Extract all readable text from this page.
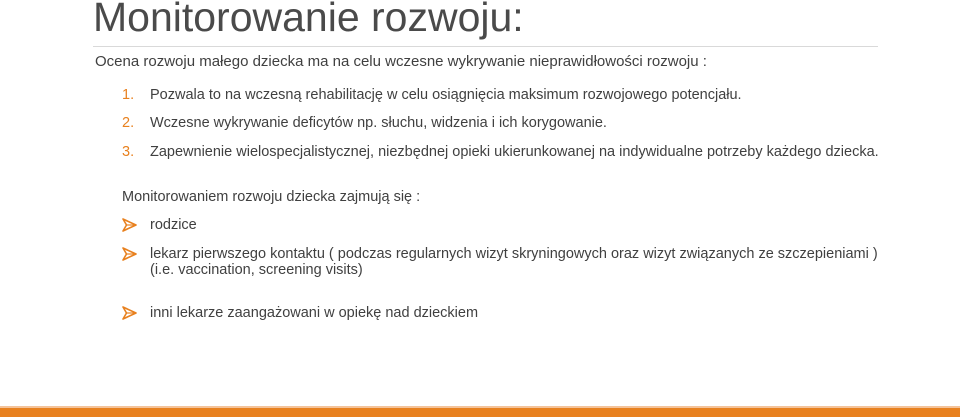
Monitorowanie rozwoju:
Ocena rozwoju małego dziecka ma na celu wczesne wykrywanie nieprawidłowości rozwoju :
1. Pozwala to na wczesną rehabilitację w celu osiągnięcia maksimum rozwojowego potencjału.
2. Wczesne wykrywanie deficytów np. słuchu, widzenia i ich korygowanie.
3. Zapewnienie wielospecjalistycznej, niezbędnej opieki ukierunkowanej na indywidualne potrzeby każdego dziecka.
Monitorowaniem rozwoju dziecka zajmują się :
rodzice
lekarz pierwszego kontaktu ( podczas regularnych wizyt skryningowych oraz wizyt związanych ze szczepieniami )
(i.e. vaccination, screening visits)
inni lekarze zaangażowani w opiekę nad dzieckiem
